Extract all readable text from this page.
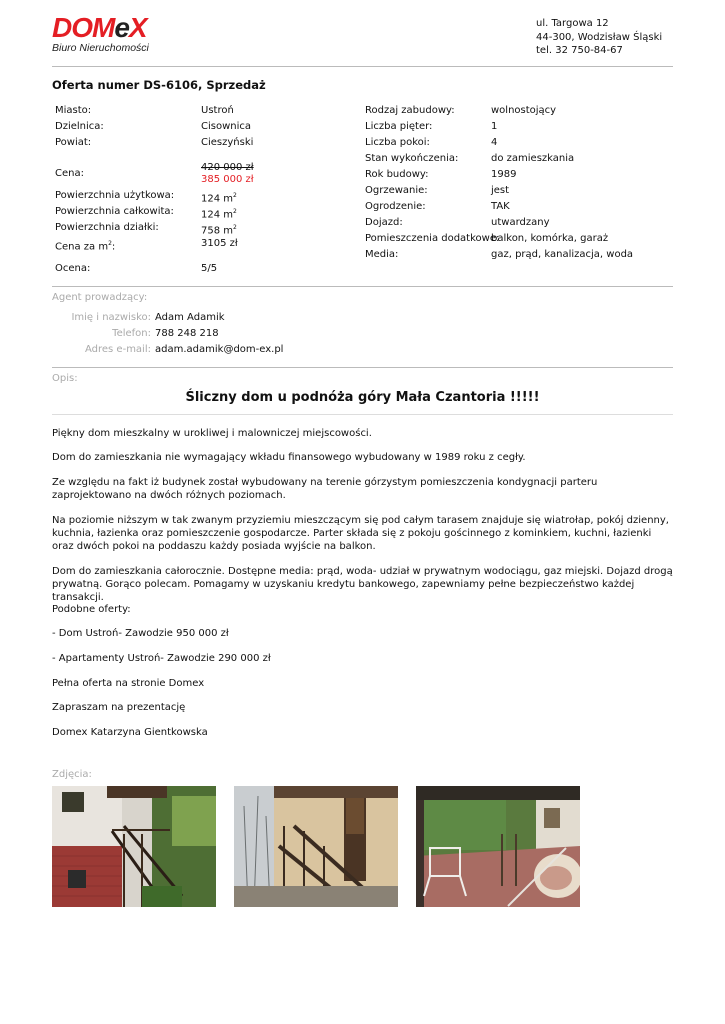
DOMeX
Biuro Nieruchomości
ul. Targowa 12
44-300, Wodzisław Śląski
tel. 32 750-84-67
Oferta numer DS-6106, Sprzedaż
Miasto:	Ustroń
Dzielnica:	Cisownica
Powiat:	Cieszyński
Cena:
420 000 zł
385 000 zł
Powierzchnia użytkowa:	124 $m^2$
Powierzchnia całkowita:	124 $m^2$
Powierzchnia działki:	758 $m^2$
Cena za $m^2$:	3105 zł
Ocena:	5/5
Rodzaj zabudowy:	wolnostojący
Liczba pięter:	1
Liczba pokoi:	4
Stan wykończenia:	do zamieszkania
Rok budowy:	1989
Ogrzewanie:	jest
Ogrodzenie:	TAK
Dojazd:	utwardzany
Pomieszczenia dodatkowe:
balkon, komórka, garaż
Media:	gaz, prąd, kanalizacja, woda
Agent prowadzący:
Imię i nazwisko: Adam Adamik
Telefon: 788 248 218
Adres e-mail: adam.adamik@dom-ex.pl
Opis:
Śliczny dom u podnóża góry Mała Czantoria !!!!!
Piękny dom mieszkalny w urokliwej i malowniczej miejscowości.
Dom do zamieszkania nie wymagający wkładu finansowego wybudowany w 1989 roku z cegły.
Ze względu na fakt iż budynek został wybudowany na terenie górzystym pomieszczenia kondygnacji parteru zaprojektowano na dwóch różnych poziomach.
Na poziomie niższym w tak zwanym przyziemiu mieszczącym się pod całym tarasem znajduje się wiatrołap, pokój dzienny, kuchnia, łazienka oraz pomieszczenie gospodarcze. Parter składa się z pokoju gościnnego z kominkiem, kuchni, łazienki oraz dwóch pokoi na poddaszu każdy posiada wyjście na balkon.
Dom do zamieszkania całorocznie. Dostępne media: prąd, woda- udział w prywatnym wodociągu, gaz miejski. Dojazd drogą prywatną. Gorąco polecam. Pomagamy w uzyskaniu kredytu bankowego, zapewniamy pełne bezpieczeństwo każdej transakcji.
Podobne oferty:
- Dom Ustroń- Zawodzie 950 000 zł
- Apartamenty Ustroń- Zawodzie 290 000 zł
Pełna oferta na stronie Domex
Zapraszam na prezentację
Domex Katarzyna Gientkowska
Zdjęcia:
